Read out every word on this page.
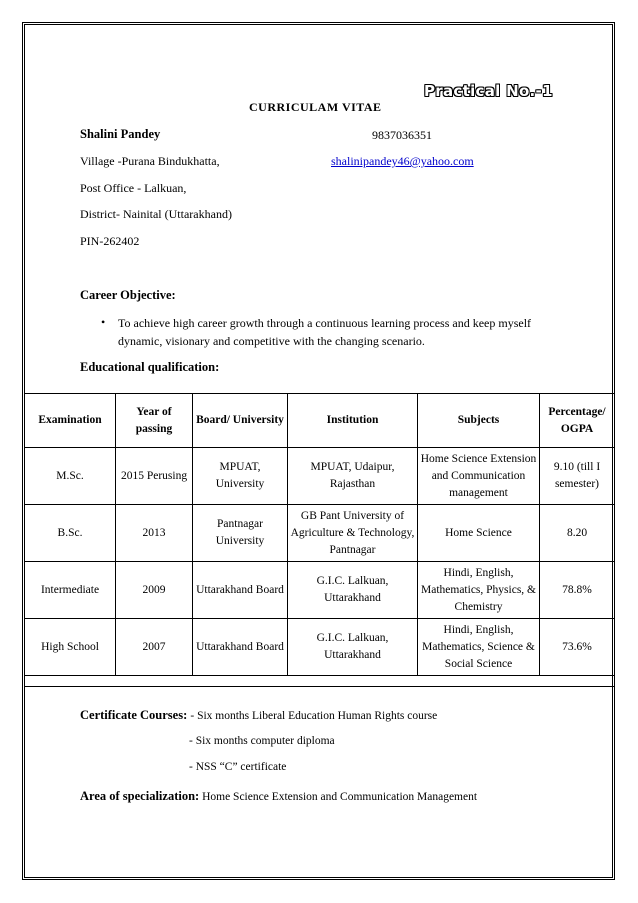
Practical No.-1
CURRICULAM VITAE
Shalini Pandey	9837036351
Village -Purana Bindukhatta,	shalinipandey46@yahoo.com
Post Office - Lalkuan,
District- Nainital (Uttarakhand)
PIN-262402
Career Objective:
• To achieve high career growth through a continuous learning process and keep myself dynamic, visionary and competitive with the changing scenario.
Educational qualification:
Examination	Year of passing	Board/ University	Institution	Subjects	Percentage/ OGPA
M.Sc.	2015 Perusing	MPUAT, University	MPUAT, Udaipur, Rajasthan	Home Science Extension and Communication management	9.10 (till I semester)
B.Sc.	2013	Pantnagar University	GB Pant University of Agriculture & Technology, Pantnagar	Home Science	8.20
Intermediate	2009	Uttarakhand Board	G.I.C. Lalkuan, Uttarakhand	Hindi, English, Mathematics, Physics, & Chemistry	78.8%
High School	2007	Uttarakhand Board	G.I.C. Lalkuan, Uttarakhand	Hindi, English, Mathematics, Science & Social Science	73.6%
Certificate Courses: - Six months Liberal Education Human Rights course
- Six months computer diploma
- NSS “C” certificate
Area of specialization: Home Science Extension and Communication Management
